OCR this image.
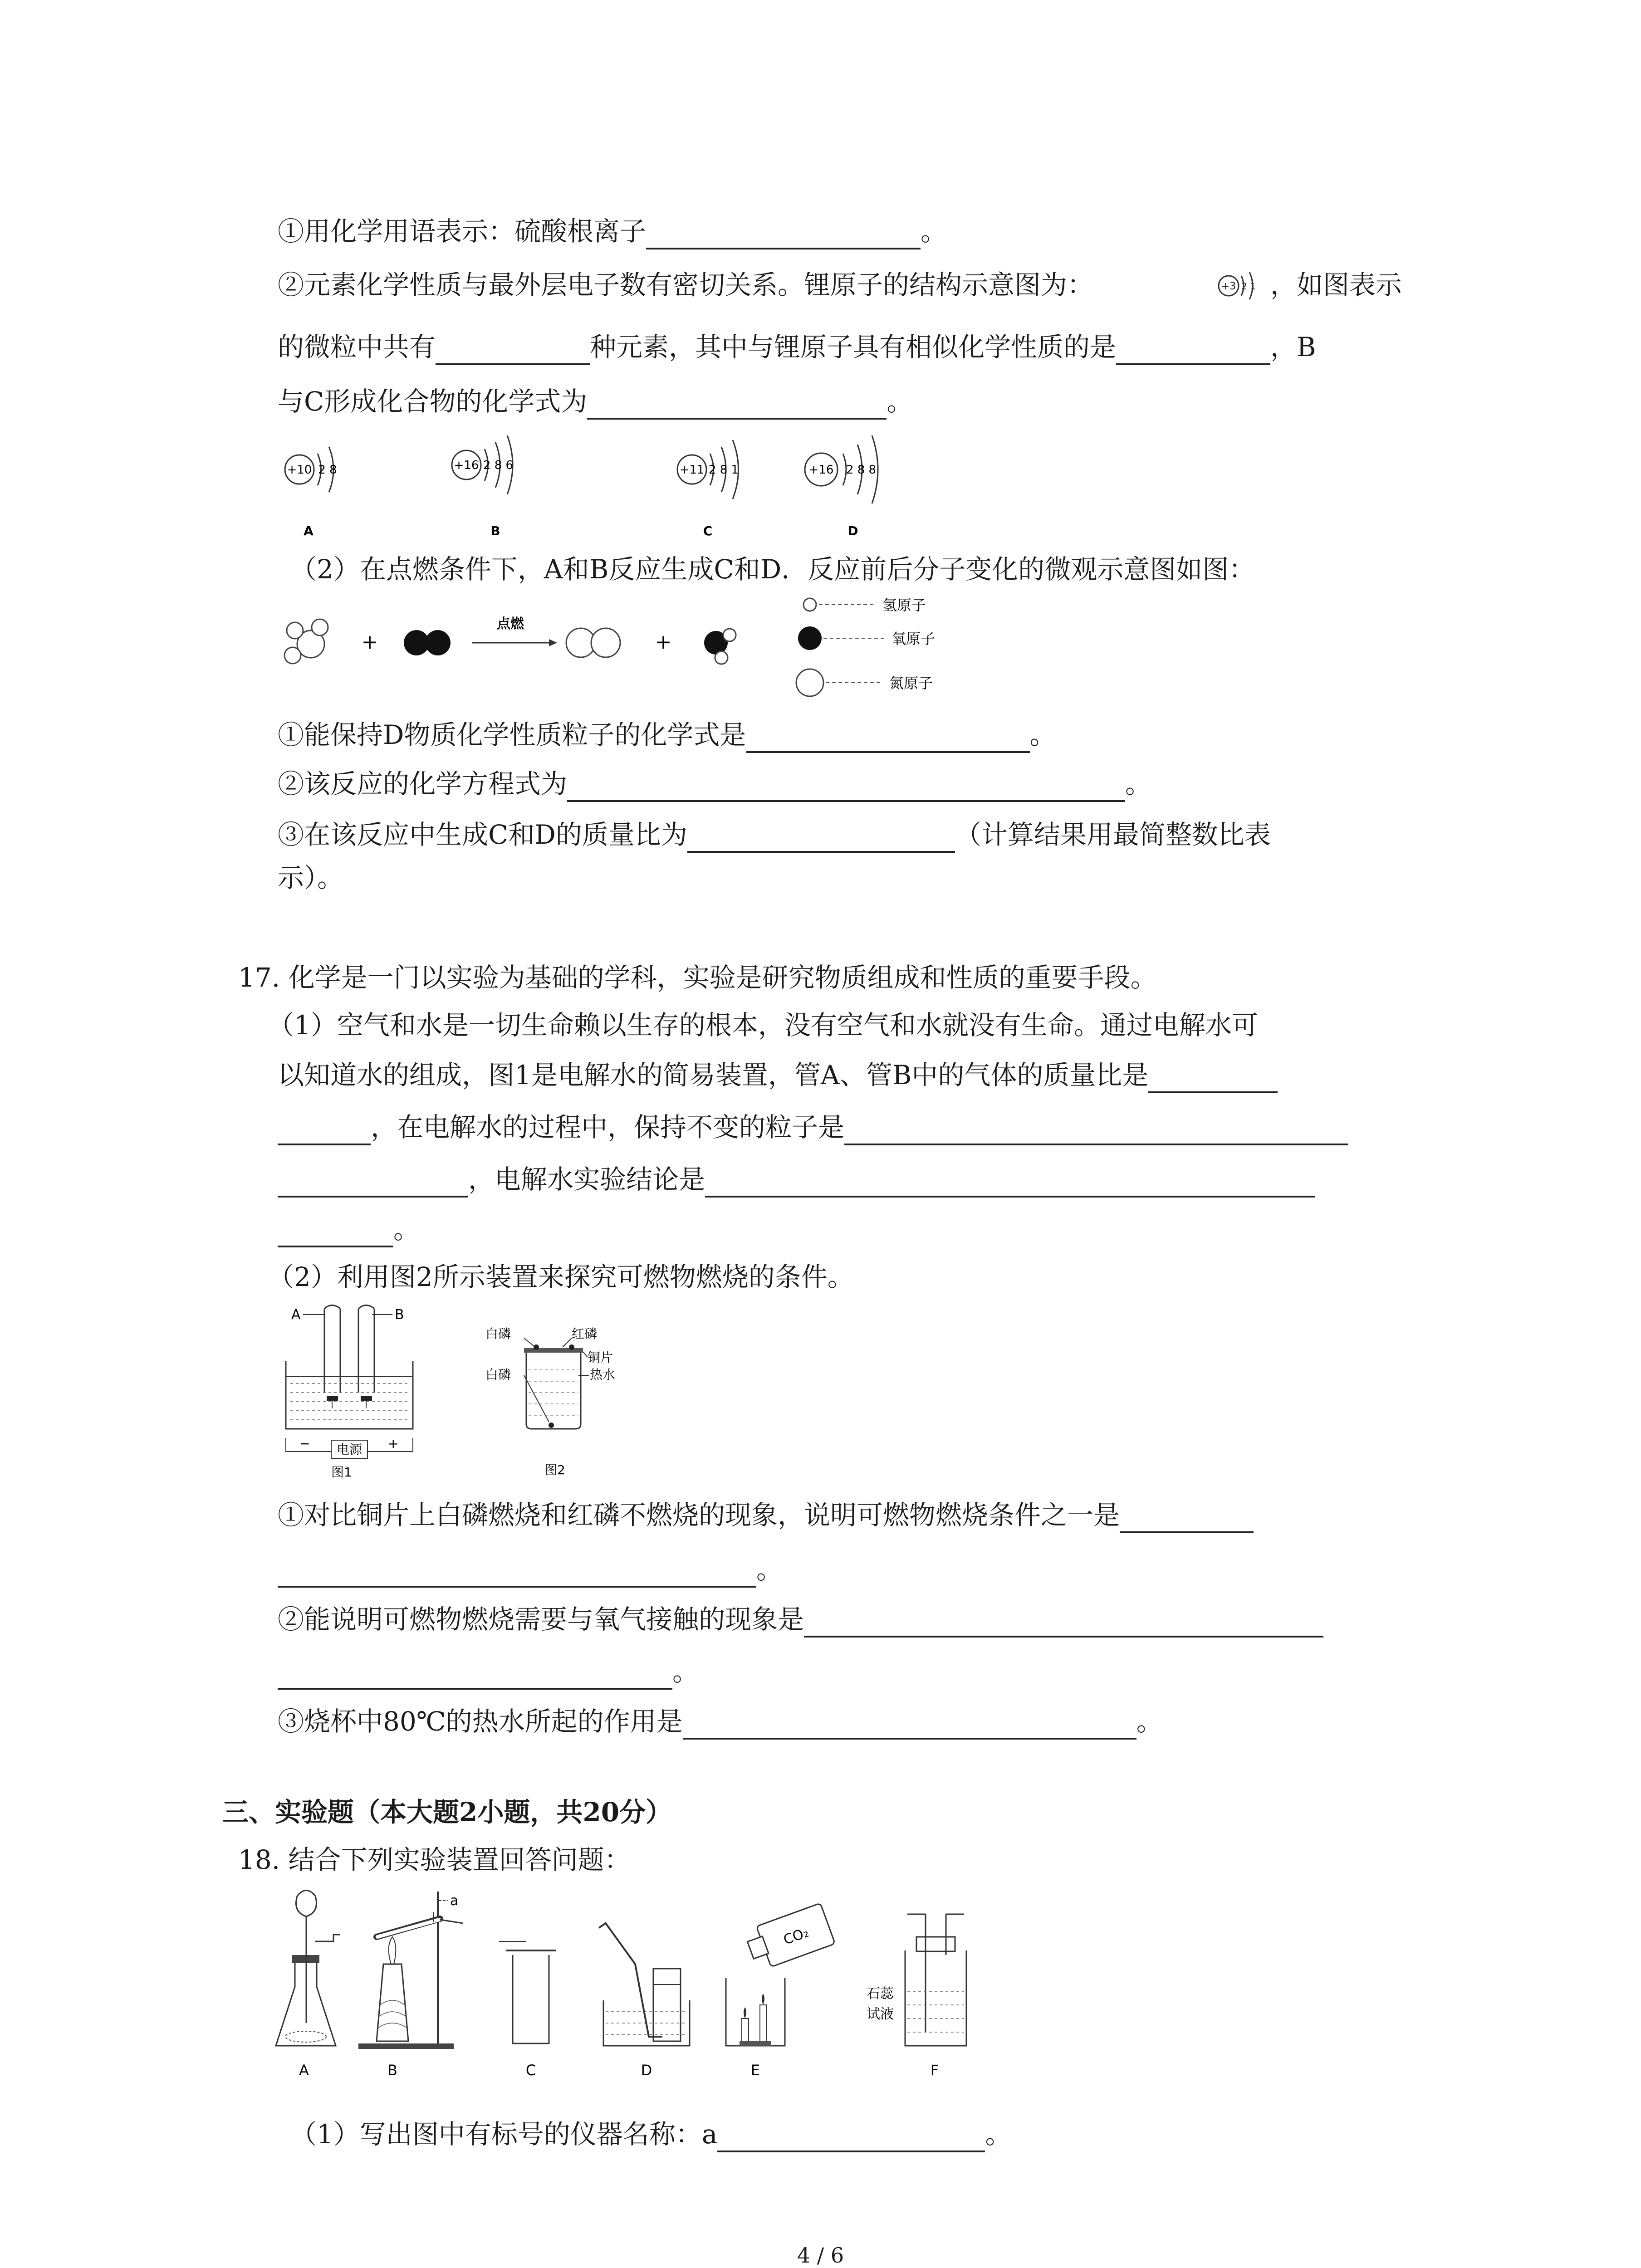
①用化学用语表示：硫酸根离子	。
②元素化学性质与最外层电子数有密切关系。锂原子的结构示意图为：	+3 2 1 ，如图表示
的微粒中共有	种元素，其中与锂原子具有相似化学性质的是	，B
与C形成化合物的化学式为	。
+10 2 8
A
+16 2 8 6
B
+11 2 8 1
C
+16 2 8 8
D
（2）在点燃条件下，A和B反应生成C和D．反应前后分子变化的微观示意图如图：
+
点燃
+
氢原子
氧原子
氮原子
①能保持D物质化学性质粒子的化学式是	。
②该反应的化学方程式为	。
③在该反应中生成C和D的质量比为	（计算结果用最简整数比表
示）。
17. 化学是一门以实验为基础的学科，实验是研究物质组成和性质的重要手段。
（1）空气和水是一切生命赖以生存的根本，没有空气和水就没有生命。通过电解水可
以知道水的组成，图1是电解水的简易装置，管A、管B中的气体的质量比是
，在电解水的过程中，保持不变的粒子是
，电解水实验结论是
。
（2）利用图2所示装置来探究可燃物燃烧的条件。
A	B
电源
−	+
图1
白磷	红磷
铜片
白磷	热水
图2
①对比铜片上白磷燃烧和红磷不燃烧的现象，说明可燃物燃烧条件之一是
。
②能说明可燃物燃烧需要与氧气接触的现象是
。
③烧杯中80℃的热水所起的作用是	。
三、实验题（本大题2小题，共20分）
18. 结合下列实验装置回答问题：
A
a
B	C	D
CO₂
E
石蕊
试液
F
（1）写出图中有标号的仪器名称：a	。
4 / 6
